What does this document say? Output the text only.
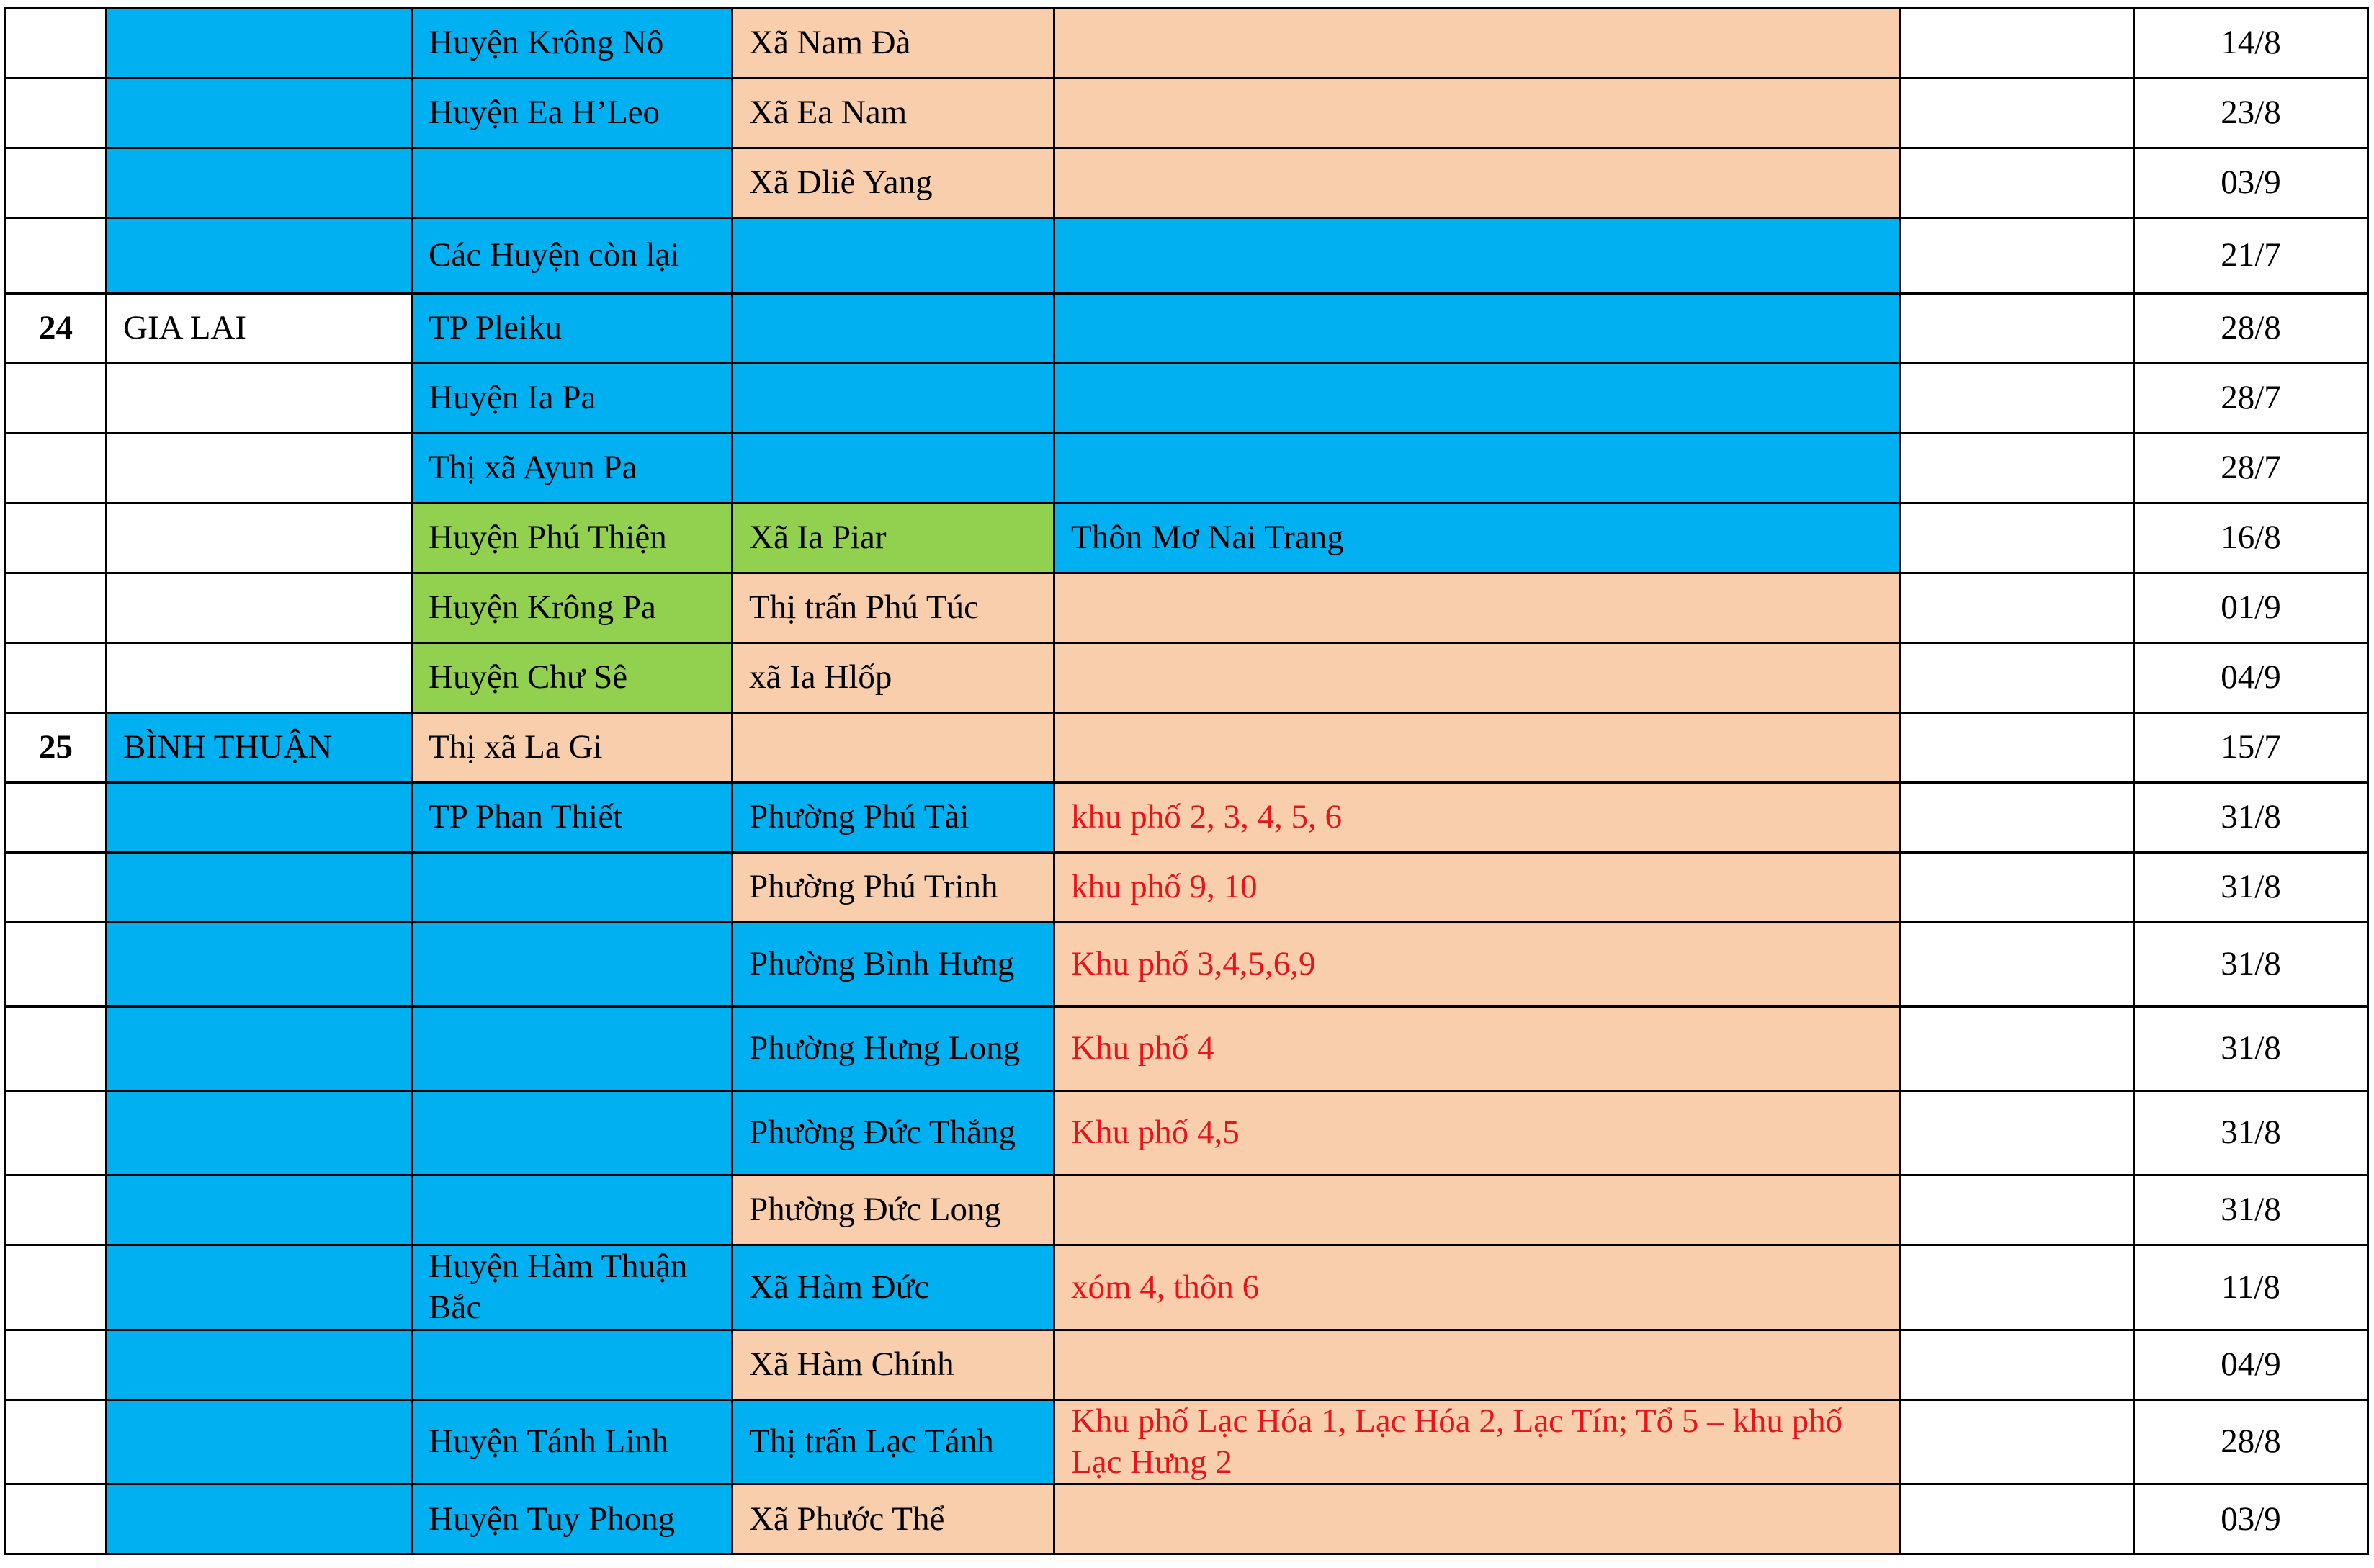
		Huyện Krông Nô	Xã Nam Đà			14/8
		Huyện Ea H’Leo	Xã Ea Nam			23/8
			Xã Dliê Yang			03/9
		Các Huyện còn lại				21/7
24	GIA LAI	TP Pleiku				28/8
		Huyện Ia Pa				28/7
		Thị xã Ayun Pa				28/7
		Huyện Phú Thiện	Xã Ia Piar	Thôn Mơ Nai Trang		16/8
		Huyện Krông Pa	Thị trấn Phú Túc			01/9
		Huyện Chư Sê	xã Ia Hlốp			04/9
25	BÌNH THUẬN	Thị xã La Gi				15/7
		TP Phan Thiết	Phường Phú Tài	khu phố 2, 3, 4, 5, 6		31/8
			Phường Phú Trinh	khu phố 9, 10		31/8
			Phường Bình Hưng	Khu phố 3,4,5,6,9		31/8
			Phường Hưng Long	Khu phố 4		31/8
			Phường Đức Thắng	Khu phố 4,5		31/8
			Phường Đức Long			31/8
		Huyện Hàm Thuận Bắc	Xã Hàm Đức	xóm 4, thôn 6		11/8
			Xã Hàm Chính			04/9
		Huyện Tánh Linh	Thị trấn Lạc Tánh	Khu phố Lạc Hóa 1, Lạc Hóa 2, Lạc Tín; Tổ 5 – khu phố Lạc Hưng 2		28/8
		Huyện Tuy Phong	Xã Phước Thể			03/9
